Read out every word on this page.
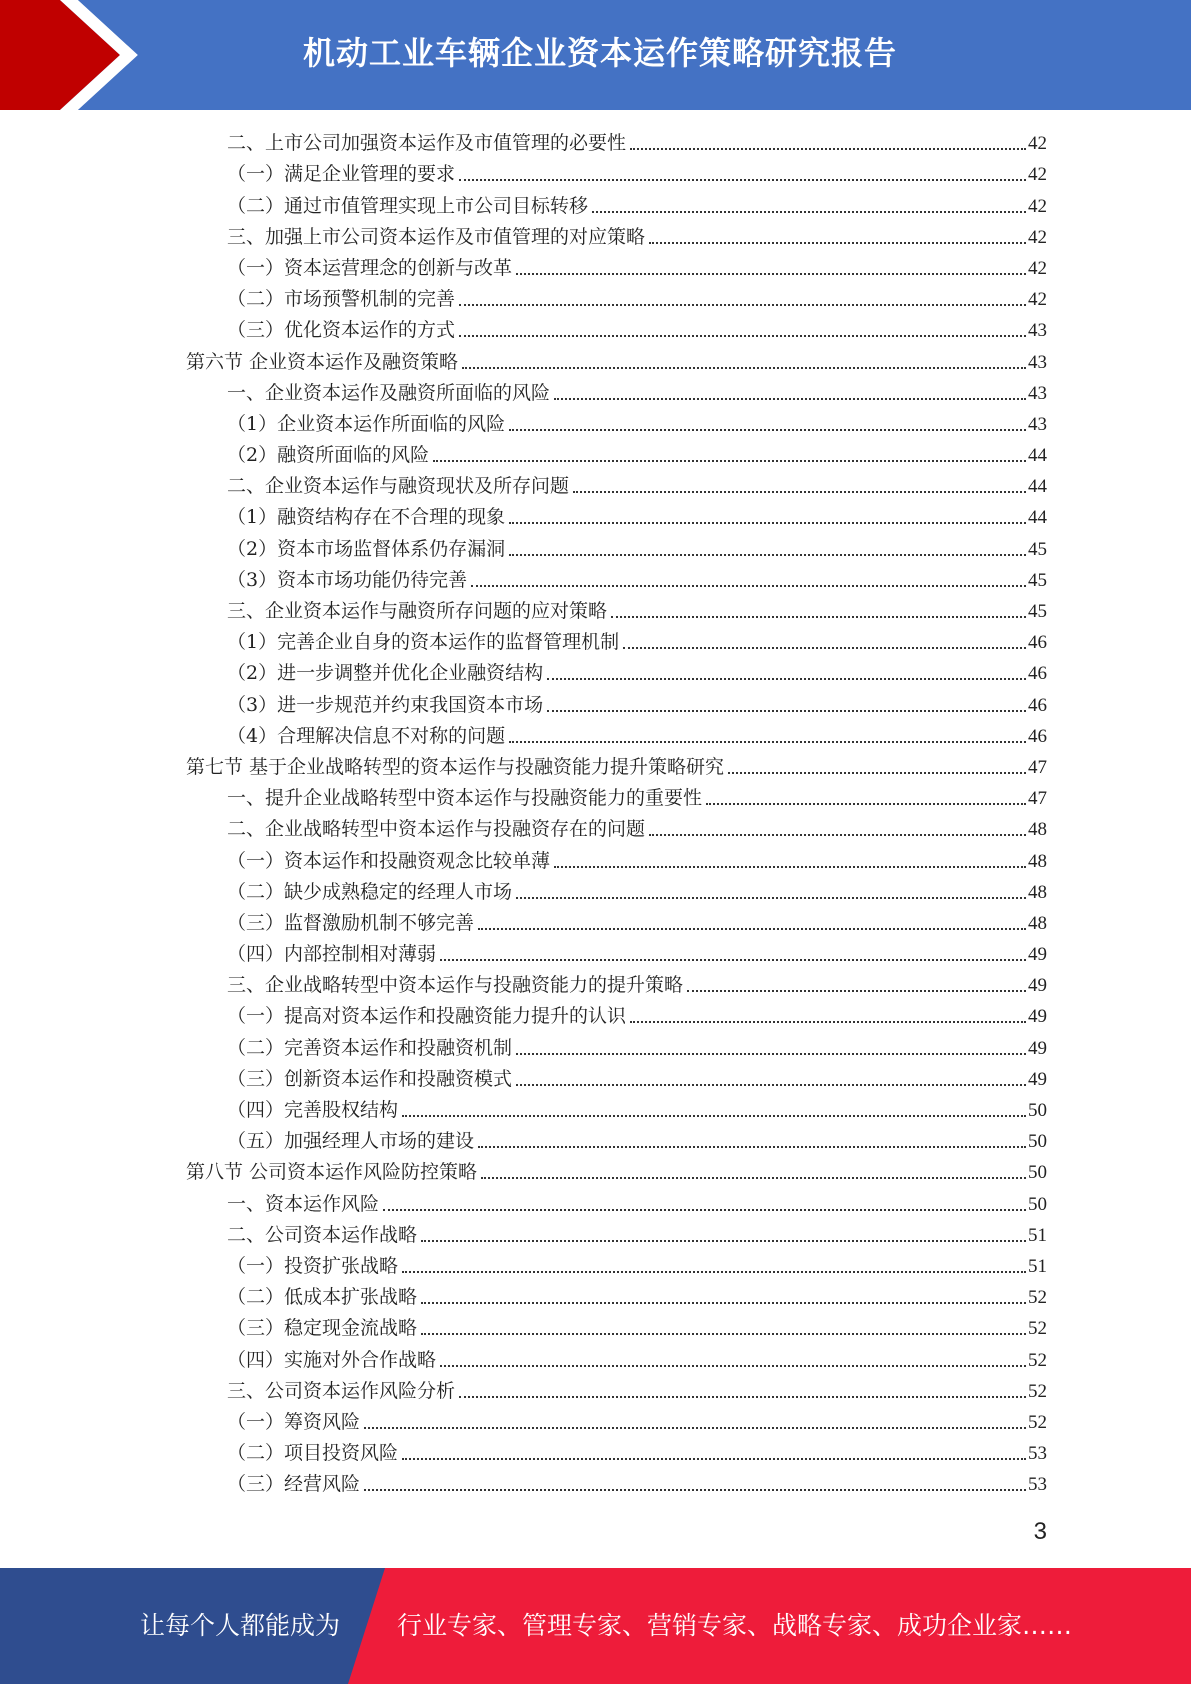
机动工业车辆企业资本运作策略研究报告
二、上市公司加强资本运作及市值管理的必要性	42
（一）满足企业管理的要求	42
（二）通过市值管理实现上市公司目标转移	42
三、加强上市公司资本运作及市值管理的对应策略	42
（一）资本运营理念的创新与改革	42
（二）市场预警机制的完善	42
（三）优化资本运作的方式	43
第六节 企业资本运作及融资策略	43
一、企业资本运作及融资所面临的风险	43
（1）企业资本运作所面临的风险	43
（2）融资所面临的风险	44
二、企业资本运作与融资现状及所存问题	44
（1）融资结构存在不合理的现象	44
（2）资本市场监督体系仍存漏洞	45
（3）资本市场功能仍待完善	45
三、企业资本运作与融资所存问题的应对策略	45
（1）完善企业自身的资本运作的监督管理机制	46
（2）进一步调整并优化企业融资结构	46
（3）进一步规范并约束我国资本市场	46
（4）合理解决信息不对称的问题	46
第七节 基于企业战略转型的资本运作与投融资能力提升策略研究	47
一、提升企业战略转型中资本运作与投融资能力的重要性	47
二、企业战略转型中资本运作与投融资存在的问题	48
（一）资本运作和投融资观念比较单薄	48
（二）缺少成熟稳定的经理人市场	48
（三）监督激励机制不够完善	48
（四）内部控制相对薄弱	49
三、企业战略转型中资本运作与投融资能力的提升策略	49
（一）提高对资本运作和投融资能力提升的认识	49
（二）完善资本运作和投融资机制	49
（三）创新资本运作和投融资模式	49
（四）完善股权结构	50
（五）加强经理人市场的建设	50
第八节 公司资本运作风险防控策略	50
一、资本运作风险	50
二、公司资本运作战略	51
（一）投资扩张战略	51
（二）低成本扩张战略	52
（三）稳定现金流战略	52
（四）实施对外合作战略	52
三、公司资本运作风险分析	52
（一）筹资风险	52
（二）项目投资风险	53
（三）经营风险	53
3
让每个人都能成为 行业专家、管理专家、营销专家、战略专家、成功企业家……
